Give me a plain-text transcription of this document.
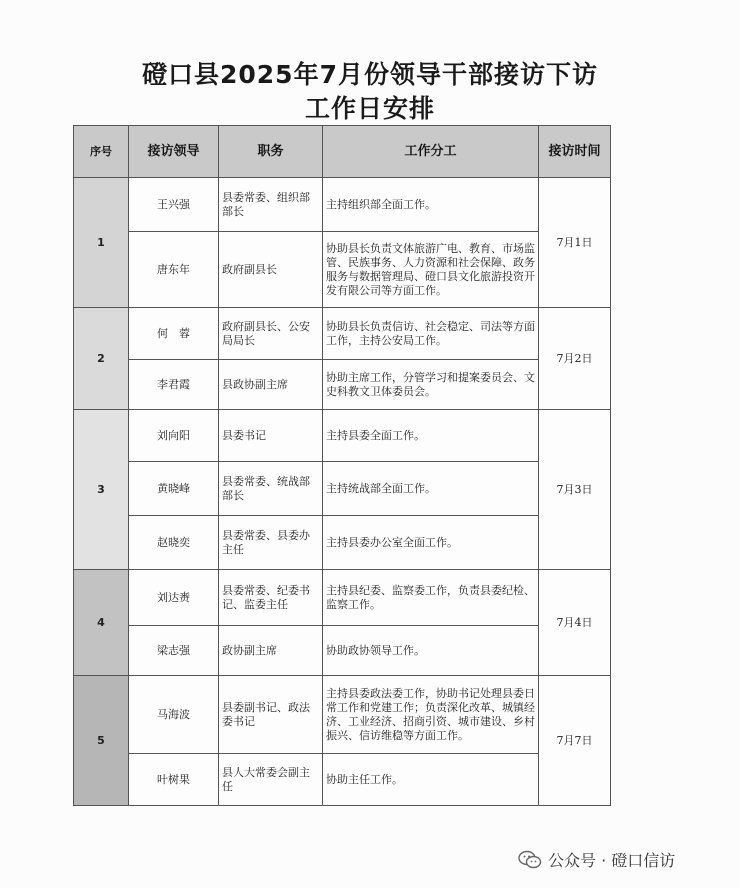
磴口县2025年7月份领导干部接访下访
工作日安排
序号	接访领导	职务	工作分工	接访时间
1	王兴强	县委常委、组织部部长	主持组织部全面工作。	7月1日
	唐东年	政府副县长	协助县长负责文体旅游广电、教育、市场监管、民族事务、人力资源和社会保障、政务服务与数据管理局、磴口县文化旅游投资开发有限公司等方面工作。	
2	何　蓉	政府副县长、公安局局长	协助县长负责信访、社会稳定、司法等方面工作，主持公安局工作。	7月2日
	李君霞	县政协副主席	协助主席工作，分管学习和提案委员会、文史科教文卫体委员会。	
3	刘向阳	县委书记	主持县委全面工作。	7月3日
	黄晓峰	县委常委、统战部部长	主持统战部全面工作。	
	赵晓奕	县委常委、县委办主任	主持县委办公室全面工作。	
4	刘达赉	县委常委、纪委书记、监委主任	主持县纪委、监察委工作，负责县委纪检、监察工作。	7月4日
	梁志强	政协副主席	协助政协领导工作。	
5	马海波	县委副书记、政法委书记	主持县委政法委工作，协助书记处理县委日常工作和党建工作；负责深化改革、城镇经济、工业经济、招商引资、城市建设、乡村振兴、信访维稳等方面工作。	7月7日
	叶树果	县人大常委会副主任	协助主任工作。	
公众号 · 磴口信访
